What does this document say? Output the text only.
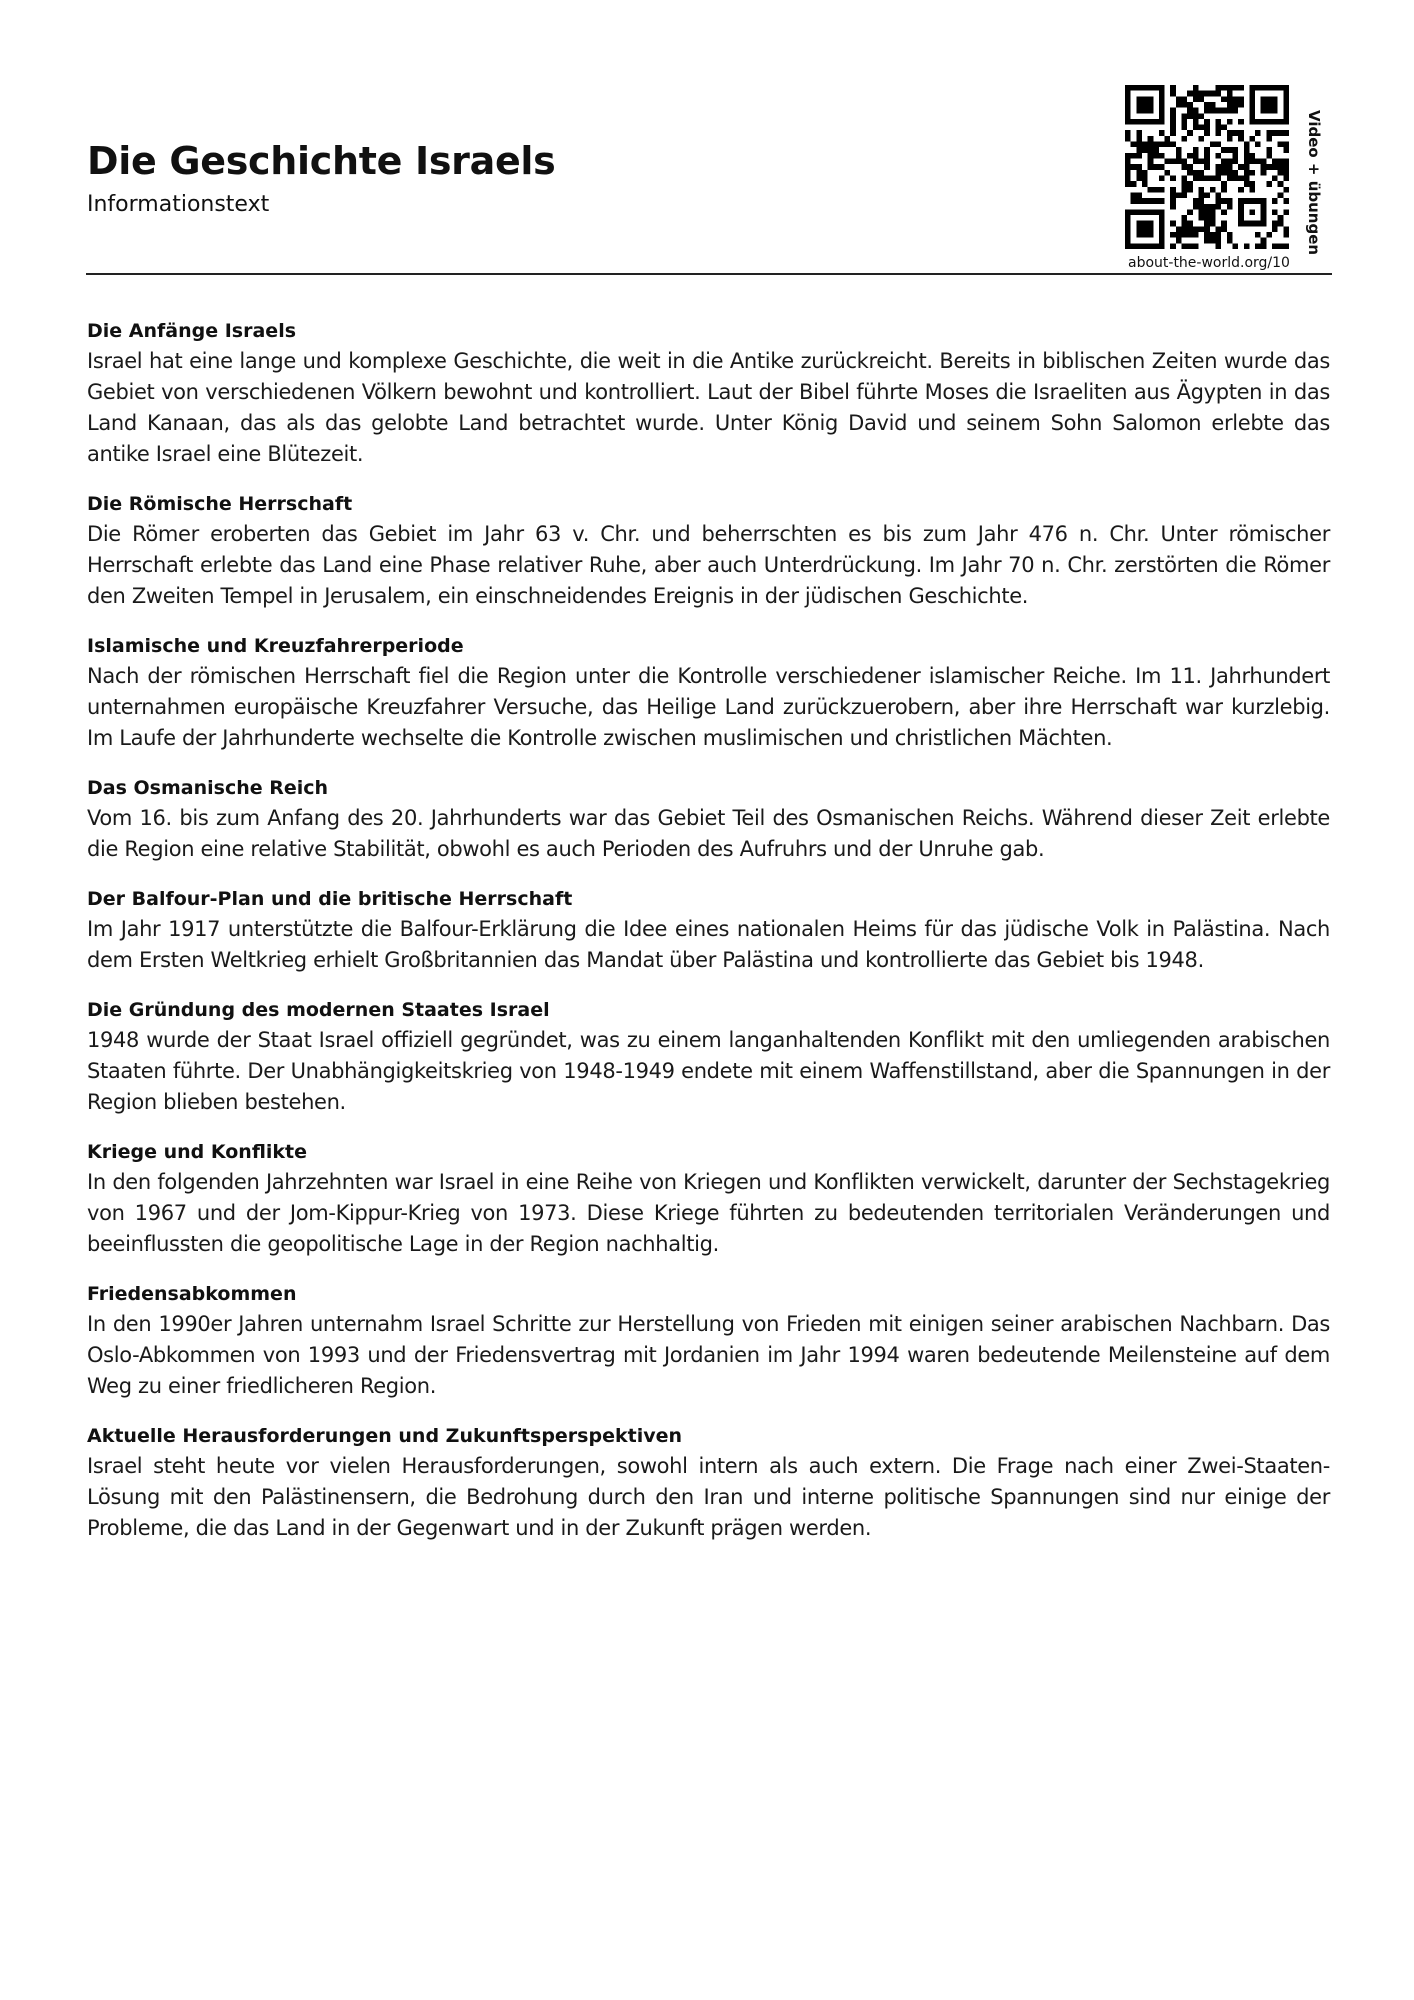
Die Geschichte Israels
Informationstext	Video + übungen
about-the-world.org/10
Die Anfänge Israels

Israel hat eine lange und komplexe Geschichte, die weit in die Antike zurückreicht. Bereits in biblischen Zeiten wurde das Gebiet von verschiedenen Völkern bewohnt und kontrolliert. Laut der Bibel führte Moses die Israeliten aus Ägypten in das Land Kanaan, das als das gelobte Land betrachtet wurde. Unter König David und seinem Sohn Salomon erlebte das antike Israel eine Blütezeit.

Die Römische Herrschaft

Die Römer eroberten das Gebiet im Jahr 63 v. Chr. und beherrschten es bis zum Jahr 476 n. Chr. Unter römischer Herrschaft erlebte das Land eine Phase relativer Ruhe, aber auch Unterdrückung. Im Jahr 70 n. Chr. zerstörten die Römer den Zweiten Tempel in Jerusalem, ein einschneidendes Ereignis in der jüdischen Geschichte.

Islamische und Kreuzfahrerperiode

Nach der römischen Herrschaft fiel die Region unter die Kontrolle verschiedener islamischer Reiche. Im 11. Jahrhundert unternahmen europäische Kreuzfahrer Versuche, das Heilige Land zurückzuerobern, aber ihre Herrschaft war kurzlebig. Im Laufe der Jahrhunderte wechselte die Kontrolle zwischen muslimischen und christlichen Mächten.

Das Osmanische Reich

Vom 16. bis zum Anfang des 20. Jahrhunderts war das Gebiet Teil des Osmanischen Reichs. Während dieser Zeit erlebte die Region eine relative Stabilität, obwohl es auch Perioden des Aufruhrs und der Unruhe gab.

Der Balfour-Plan und die britische Herrschaft

Im Jahr 1917 unterstützte die Balfour-Erklärung die Idee eines nationalen Heims für das jüdische Volk in Palästina. Nach dem Ersten Weltkrieg erhielt Großbritannien das Mandat über Palästina und kontrollierte das Gebiet bis 1948.

Die Gründung des modernen Staates Israel

1948 wurde der Staat Israel offiziell gegründet, was zu einem langanhaltenden Konflikt mit den umliegenden arabischen Staaten führte. Der Unabhängigkeitskrieg von 1948-1949 endete mit einem Waffenstillstand, aber die Spannungen in der Region blieben bestehen.

Kriege und Konflikte

In den folgenden Jahrzehnten war Israel in eine Reihe von Kriegen und Konflikten verwickelt, darunter der Sechstagekrieg von 1967 und der Jom-Kippur-Krieg von 1973. Diese Kriege führten zu bedeutenden territorialen Veränderungen und beeinflussten die geopolitische Lage in der Region nachhaltig.

Friedensabkommen

In den 1990er Jahren unternahm Israel Schritte zur Herstellung von Frieden mit einigen seiner arabischen Nachbarn. Das Oslo-Abkommen von 1993 und der Friedensvertrag mit Jordanien im Jahr 1994 waren bedeutende Meilensteine auf dem Weg zu einer friedlicheren Region.

Aktuelle Herausforderungen und Zukunftsperspektiven

Israel steht heute vor vielen Herausforderungen, sowohl intern als auch extern. Die Frage nach einer Zwei-Staaten-Lösung mit den Palästinensern, die Bedrohung durch den Iran und interne politische Spannungen sind nur einige der Probleme, die das Land in der Gegenwart und in der Zukunft prägen werden.
